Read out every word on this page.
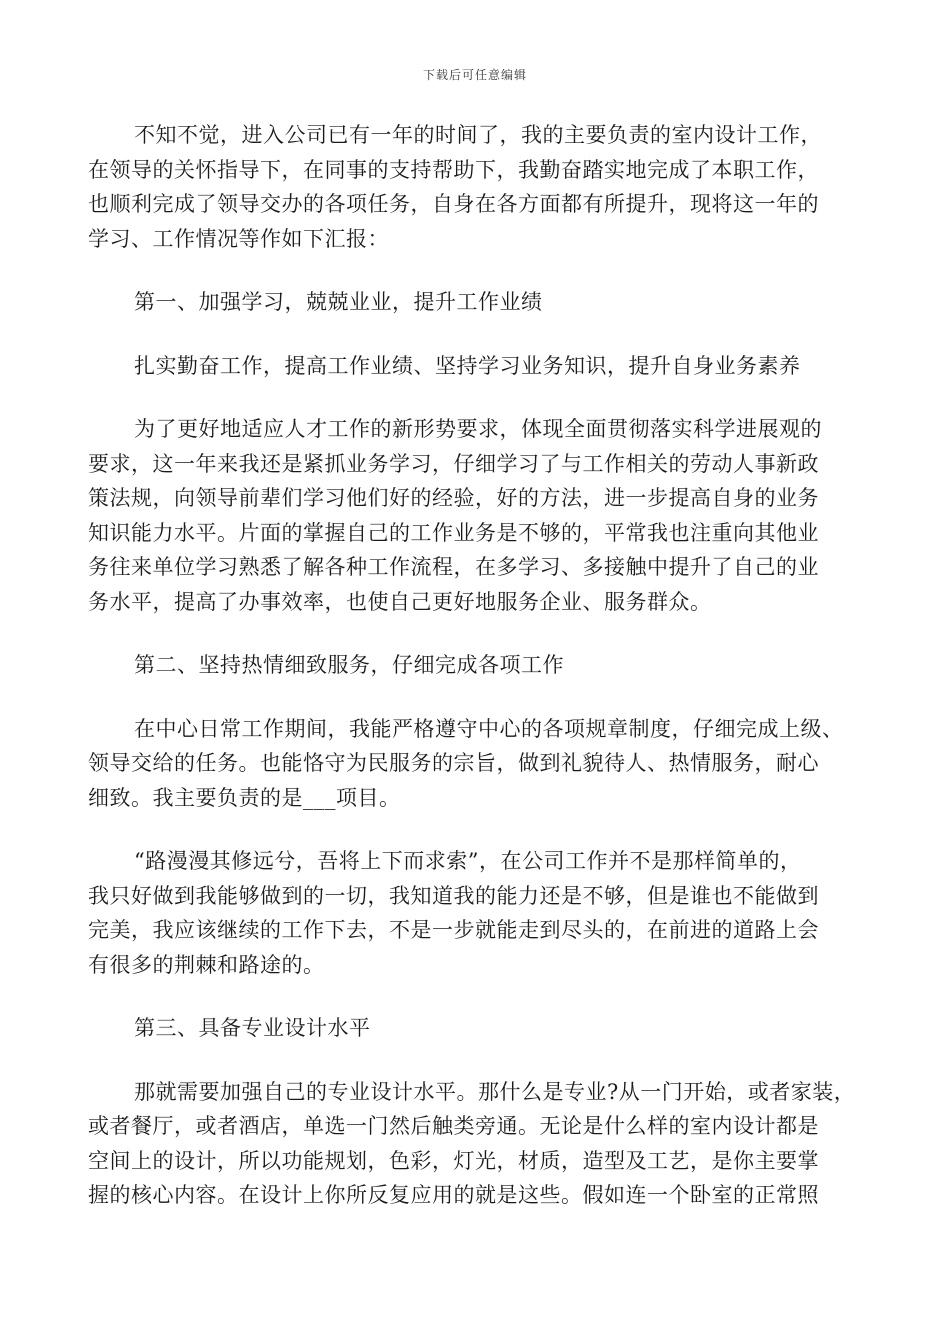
下载后可任意编辑

不知不觉，进入公司已有一年的时间了，我的主要负责的室内设计工作，
在领导的关怀指导下，在同事的支持帮助下，我勤奋踏实地完成了本职工作，
也顺利完成了领导交办的各项任务，自身在各方面都有所提升，现将这一年的
学习、工作情况等作如下汇报：

第一、加强学习，兢兢业业，提升工作业绩

扎实勤奋工作，提高工作业绩、坚持学习业务知识，提升自身业务素养

为了更好地适应人才工作的新形势要求，体现全面贯彻落实科学进展观的
要求，这一年来我还是紧抓业务学习，仔细学习了与工作相关的劳动人事新政
策法规，向领导前辈们学习他们好的经验，好的方法，进一步提高自身的业务
知识能力水平。片面的掌握自己的工作业务是不够的，平常我也注重向其他业
务往来单位学习熟悉了解各种工作流程，在多学习、多接触中提升了自己的业
务水平，提高了办事效率，也使自己更好地服务企业、服务群众。

第二、坚持热情细致服务，仔细完成各项工作

在中心日常工作期间，我能严格遵守中心的各项规章制度，仔细完成上级、
领导交给的任务。也能恪守为民服务的宗旨，做到礼貌待人、热情服务，耐心
细致。我主要负责的是___项目。

“路漫漫其修远兮，吾将上下而求索”，在公司工作并不是那样简单的，
我只好做到我能够做到的一切，我知道我的能力还是不够，但是谁也不能做到
完美，我应该继续的工作下去，不是一步就能走到尽头的，在前进的道路上会
有很多的荆棘和路途的。

第三、具备专业设计水平

那就需要加强自己的专业设计水平。那什么是专业?从一门开始，或者家装，
或者餐厅，或者酒店，单选一门然后触类旁通。无论是什么样的室内设计都是
空间上的设计，所以功能规划，色彩，灯光，材质，造型及工艺，是你主要掌
握的核心内容。在设计上你所反复应用的就是这些。假如连一个卧室的正常照
